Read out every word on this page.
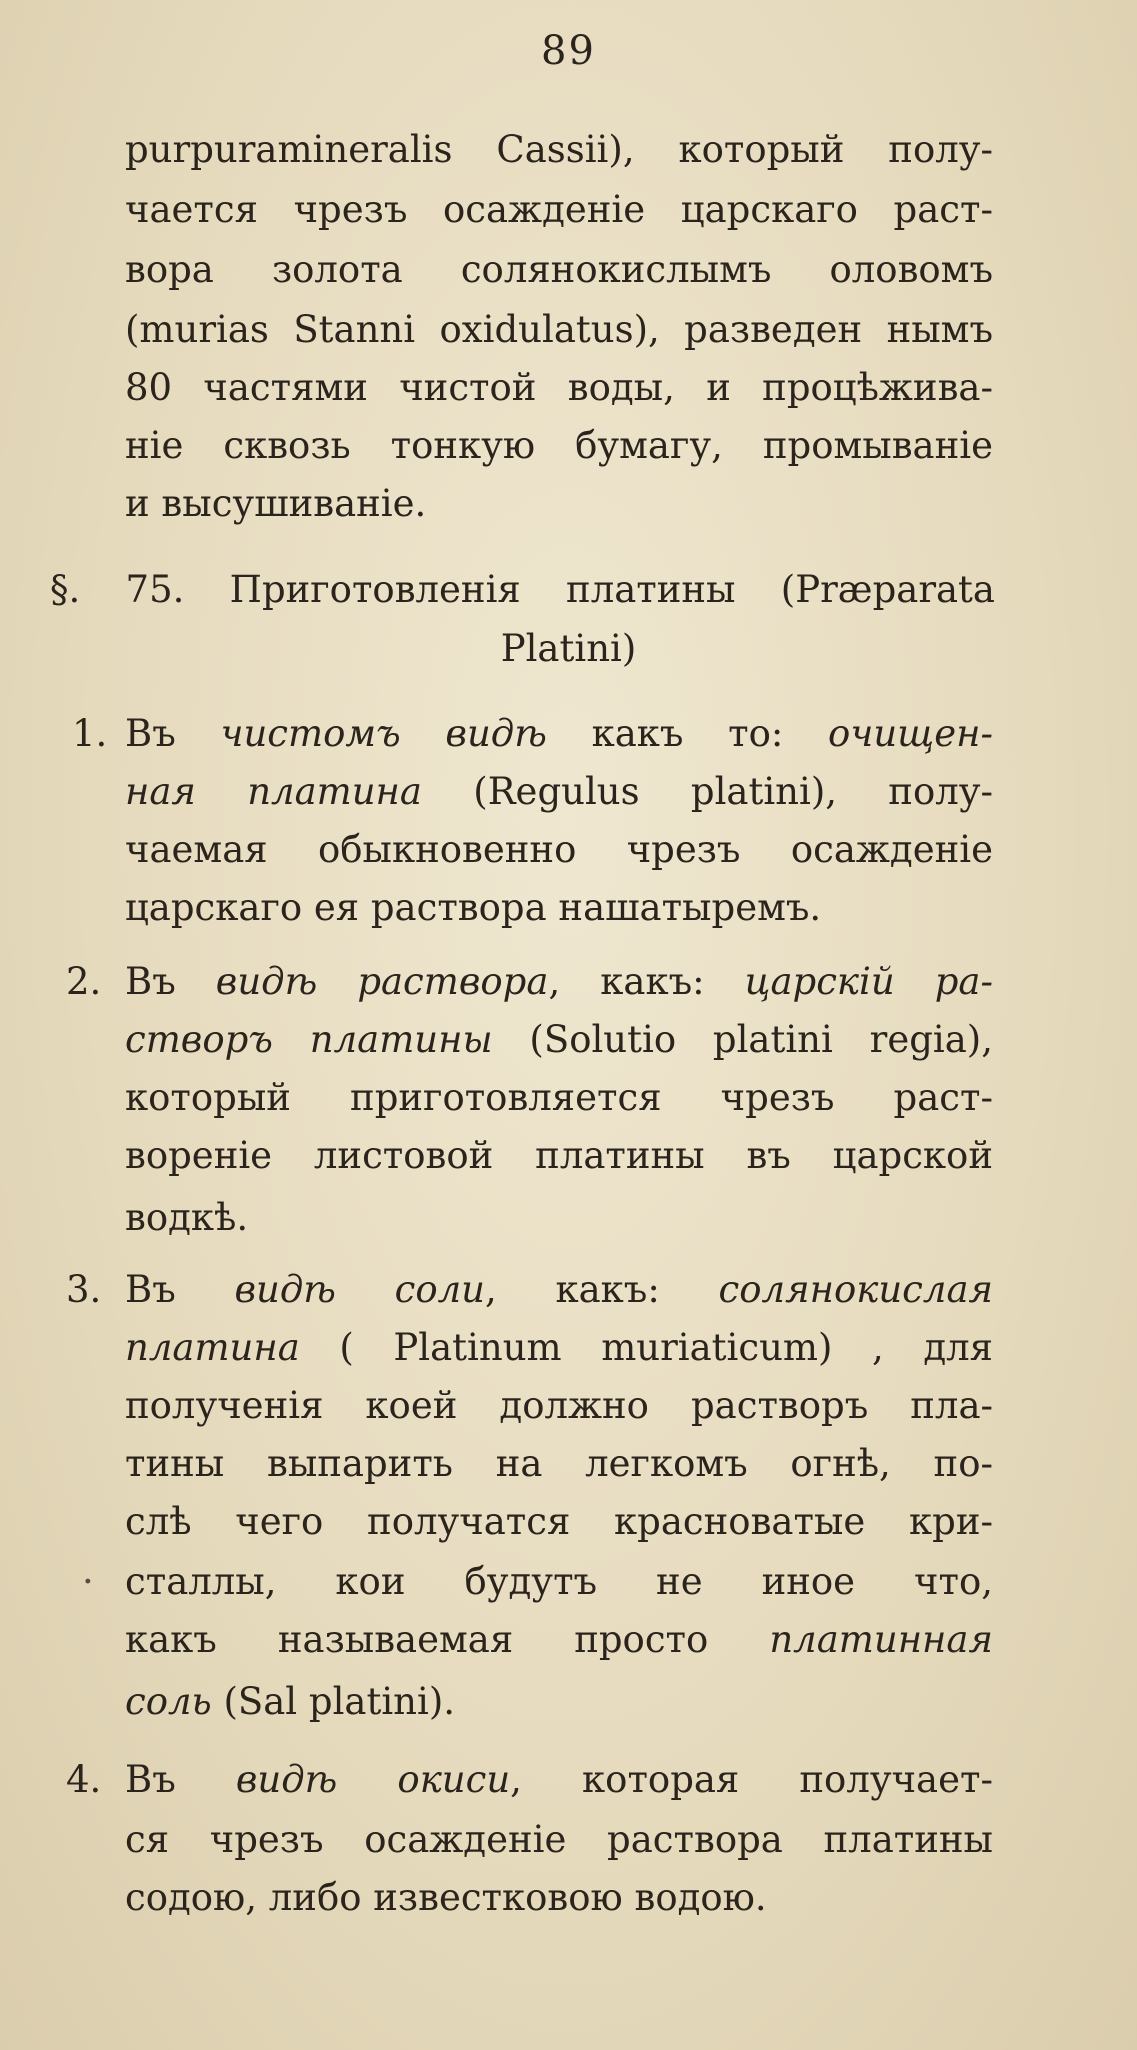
89
purpuramineralis Cassii), который полу-
чается чрезъ осажденіе царскаго раст-
вора золота солянокислымъ оловомъ
(murias Stanni oxidulatus), разведен нымъ
80 частями чистой воды, и процѣживa-
ніе сквозь тонкую бумагу, промываніе
и высушиваніе.
§. 75. Приготовленія платины (Præparata
Platini)
1. Въ чистомъ видѣ какъ то: очищен-
ная платина (Regulus platini), полу-
чаемая обыкновенно чрезъ осажденіе
царскаго ея раствора нашатыремъ.
2. Въ видѣ раствора, какъ: царскій ра-
створъ платины (Solutio platini regia),
который приготовляется чрезъ раст-
вореніе листовой платины въ царской
водкѣ.
3. Въ видѣ соли, какъ: солянокислая
платина ( Platinum muriaticum) , для
полученія коей должно растворъ пла-
тины выпарить на легкомъ огнѣ, по-
слѣ чего получатся красноватые кри-
· сталлы, кои будутъ не иное что,
какъ называемая просто платинная
соль (Sal platini).
4. Въ видѣ окиси, которая получает-
ся чрезъ осажденіе раствора платины
содою, либо известковою водою.
